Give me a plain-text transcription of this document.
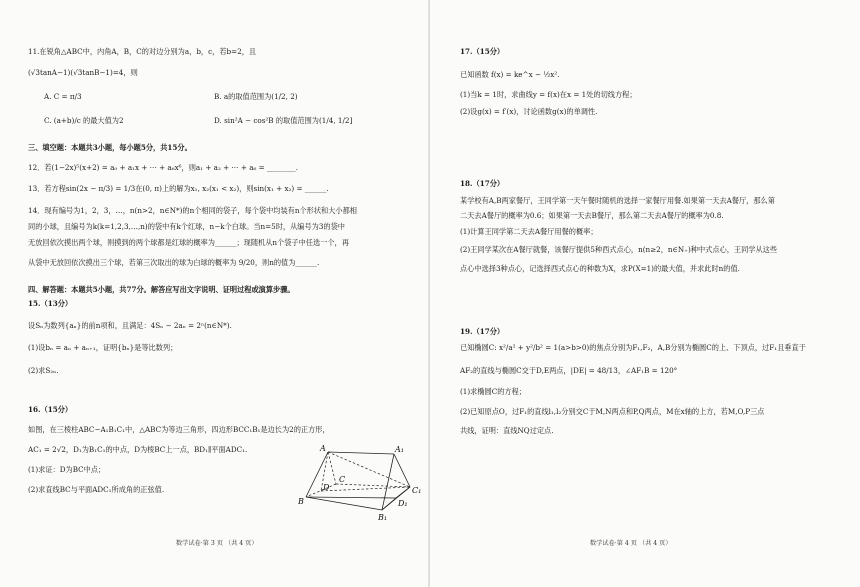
11.在锐角△ABC中，内角A，B，C的对边分别为a，b，c，若b=2，且
(√3tanA−1)(√3tanB−1)=4，则
A. C = π/3	B. a的取值范围为(1/2, 2)
C. (a+b)/c 的最大值为2	D. sin²A − cos²B 的取值范围为(1/4, 1/2]
三、填空题：本题共3小题，每小题5分，共15分。
12．若(1−2x)⁵(x+2) = a₀ + a₁x + ⋯ + a₆x⁶，则a₁ + a₂ + ⋯ + a₆ = ________.
13．若方程sin(2x − π/3) = 1/3在(0, π)上的解为x₁, x₂(x₁ < x₂)，则sin(x₁ + x₂) = ______.
14．现有编号为1，2，3，…，n(n>2，n∈N*)的n个相同的袋子，每个袋中均装有n个形状和大小都相
同的小球，且编号为k(k=1,2,3,…,n)的袋中有k个红球，n−k个白球。当n=5时，从编号为3的袋中
无放回依次摸出两个球，则摸到的两个球都是红球的概率为______；现随机从n个袋子中任选一个，再
从袋中无放回依次摸出三个球，若第三次取出的球为白球的概率为 9/20，则n的值为______.
四、解答题：本题共5小题，共77分。解答应写出文字说明、证明过程或演算步骤。
15.（13分）
设Sₙ为数列{aₙ}的前n项和，且满足：4Sₙ − 2aₙ = 2ⁿ(n∈N*).
(1)设bₙ = aₙ + aₙ₊₁，证明{bₙ}是等比数列；
(2)求S₂ₙ.
16.（15分）
如图，在三棱柱ABC−A₁B₁C₁中，△ABC为等边三角形，四边形BCC₁B₁是边长为2的正方形，
AC₁ = 2√2，D₁为B₁C₁的中点，D为棱BC上一点，BD₁∥平面ADC₁.
(1)求证：D为BC中点；
(2)求直线BC与平面ADC₁所成角的正弦值.
A	A₁
C
D
B
C₁
D₁
B₁
数学试卷·第 3 页 （共 4 页）
17.（15分）
已知函数 f(x) = ke^x − ½x².
(1)当k = 1时，求曲线y = f(x)在x = 1处的切线方程；
(2)设g(x) = f′(x)，讨论函数g(x)的单调性.
18.（17分）
某学校有A,B两家餐厅，王同学第一天午餐时随机的选择一家餐厅用餐.如果第一天去A餐厅，那么第
二天去A餐厅的概率为0.6；如果第一天去B餐厅，那么第二天去A餐厅的概率为0.8.
(1)计算王同学第二天去A餐厅用餐的概率；
(2)王同学某次在A餐厅就餐，该餐厅提供5种西式点心，n(n≥2，n∈N₊)种中式点心，王同学从这些
点心中选择3种点心，记选择西式点心的种数为X，求P(X=1)的最大值，并求此时n的值.
19.（17分）
已知椭圆C: x²/a² + y²/b² = 1(a>b>0)的焦点分别为F₁,F₂，A,B分别为椭圆C的上、下顶点，过F₁且垂直于
AF₂的直线与椭圆C交于D,E两点，|DE| = 48/13，∠AF₁B = 120°
(1)求椭圆C的方程；
(2)已知原点O，过F₁的直线l₁,l₂分别交C于M,N两点和P,Q两点，M在x轴的上方，若M,O,P三点
共线，证明：直线NQ过定点.
数学试卷·第 4 页 （共 4 页）
